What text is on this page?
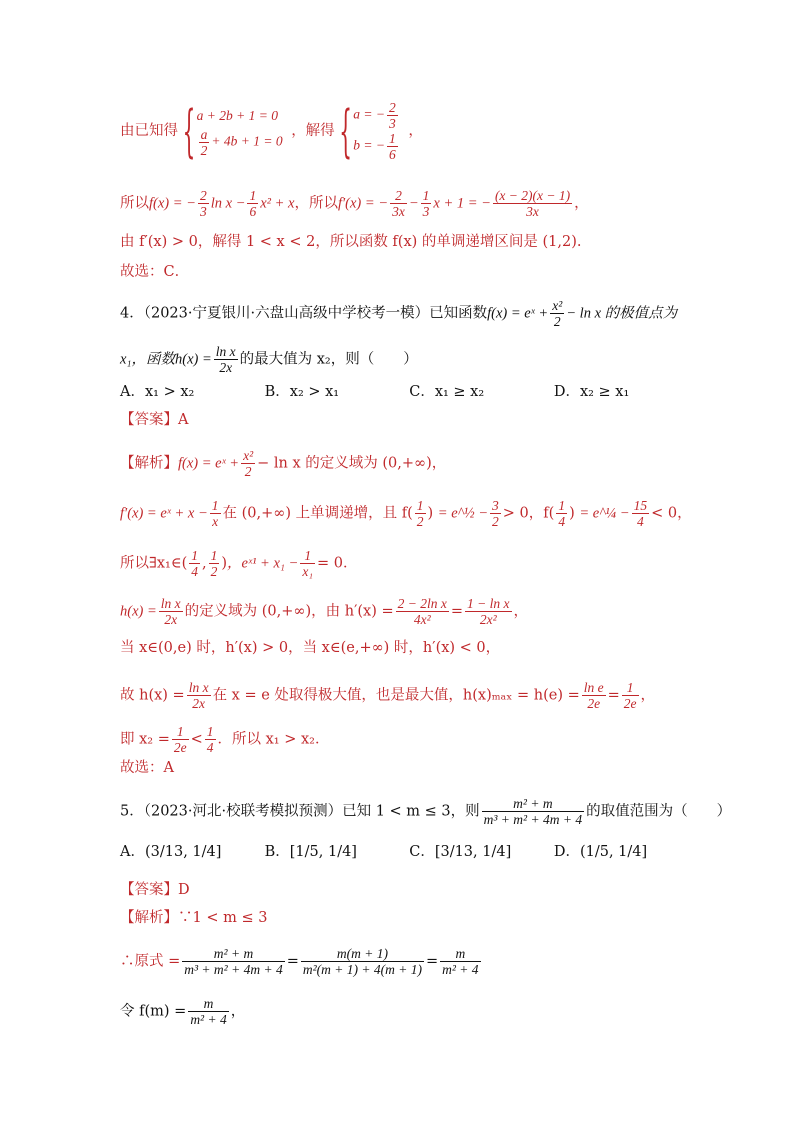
由已知得
{ a + 2b + 1 = 0
$\frac{a}{2} + 4b + 1 = 0$
，解得
{ a = − $\frac{2}{3}$
b = − $\frac{1}{6}$ ，
所以f(x) = − $\frac{2}{3}$ $\ln x - \frac{1}{6} x^2 + x$，所以f′(x) = − $\frac{2}{3x} - \frac{1}{3}$ x + 1 = − $\frac{(x - 2)(x - 1)}{3x}$ ，
由 f′(x) > 0，解得 1 < x < 2，所以函数 f(x) 的单调递增区间是 (1,2).
故选：C．
4．（2023·宁夏银川·六盘山高级中学校考一模）已知函数f(x) = eˣ + $\frac{\text{x²}}{2} - \ln x$ 的极值点为
x₁，函数$h(x) = \frac{\text{ln x}}{2x}$ 的最大值为 x₂，则（　　）
A．x₁ > x₂	B．x₂ > x₁	C．x₁ ≥ x₂	D．x₂ ≥ x₁
【答案】A
【解析】f(x) = eˣ + $\frac{\text{x²}}{2} - \ln x$ 的定义域为 (0,+∞)，
f′(x) = eˣ + $x - \frac{1}{x}$ 在 (0,+∞) 上单调递增，且 $f( \frac{1}{2}$ ) = e^½ − $\frac{3}{2} > 0$，$f( \frac{1}{4}$ ) = e^¼ − $\frac{15}{4} < 0$，
所以∃x₁∈( $\frac{1}{4}$ , $\frac{1}{2}$ )，eˣ¹ + $x_1 - \frac{1}{\text{x₁}} = 0$．
$h(x) = \frac{\text{ln x}}{2x}$ 的定义域为 (0,+∞)，由 $h'(x) = \frac{\text{2 − 2ln x}}{\text{4x²}} = \frac{\text{1 − ln x}}{\text{2x²}}$ ，
当 x∈(0,e) 时，h′(x) > 0，当 x∈(e,+∞) 时，h′(x) < 0，
故 $h(x) = \frac{\text{ln x}}{2x}$ 在 x = e 处取得极大值，也是最大值，$h(x)_{max} = h(e) = \frac{\text{ln e}}{2e} = \frac{1}{2e}$ ，
即 $x_2 = \frac{1}{2e} < \frac{1}{4}$ ．所以 x₁ > x₂．
故选：A
5．（2023·河北·校联考模拟预测）已知 1 < m ≤ 3，则 $\frac{\text{m² + m}}{\text{m³ + m² + 4m + 4}}$ 的取值范围为（　　）
A．(3/13, 1/4]	B．[1/5, 1/4]	C．[3/13, 1/4]	D．(1/5, 1/4]
【答案】D
【解析】∵1 < m ≤ 3
∴原式 = $\frac{\text{m² + m}}{\text{m³ + m² + 4m + 4}} = \frac{m(m + 1)}{\text{m²(m + 1) + 4(m + 1)}} = \frac{m}{\text{m² + 4}}$
令 $f(m) = \frac{m}{\text{m² + 4}}$ ，
